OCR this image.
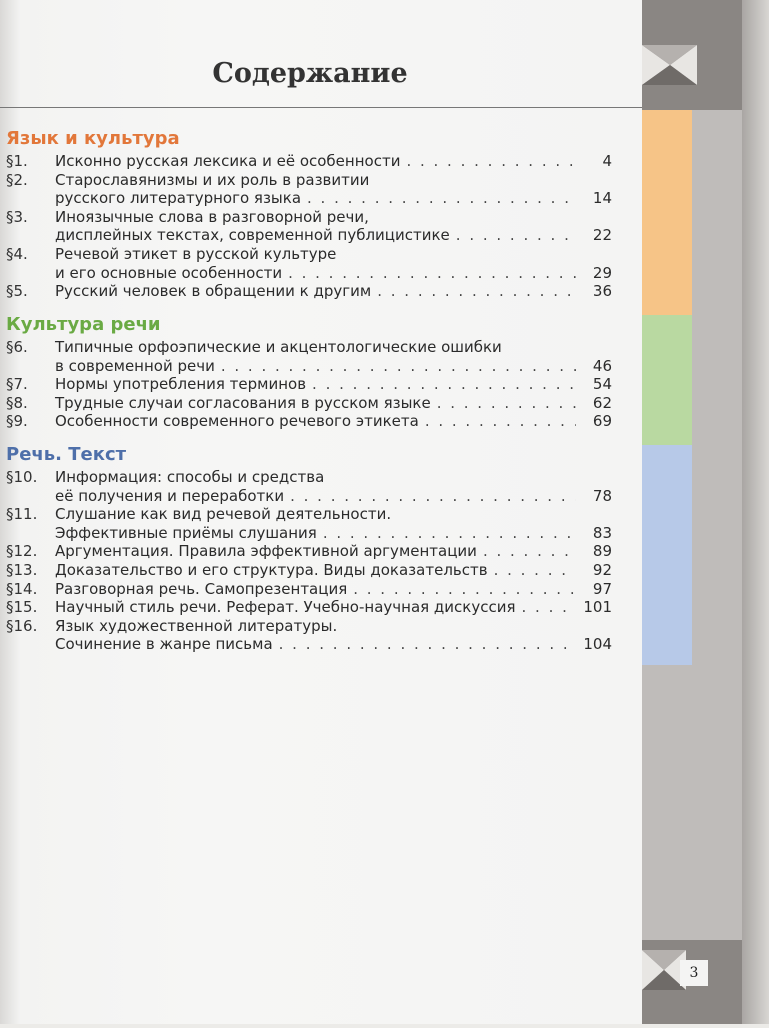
Содержание
Язык и культура
§1. Исконно русская лексика и её особенности . . .	4
§2. Старославянизмы и их роль в развитии
русского литературного языка . . .	14
§3. Иноязычные слова в разговорной речи,
дисплейных текстах, современной публицистике . . .	22
§4. Речевой этикет в русской культуре
и его основные особенности . . .	29
§5. Русский человек в обращении к другим . . .	36
Культура речи
§6. Типичные орфоэпические и акцентологические ошибки
в современной речи . . .	46
§7. Нормы употребления терминов . . .	54
§8. Трудные случаи согласования в русском языке . . .	62
§9. Особенности современного речевого этикета . . .	69
Речь. Текст
§10. Информация: способы и средства
её получения и переработки . . .	78
§11. Слушание как вид речевой деятельности.
Эффективные приёмы слушания . . .	83
§12. Аргументация. Правила эффективной аргументации . . .	89
§13. Доказательство и его структура. Виды доказательств . . .	92
§14. Разговорная речь. Самопрезентация . . .	97
§15. Научный стиль речи. Реферат. Учебно-научная дискуссия . . .	101
§16. Язык художественной литературы.
Сочинение в жанре письма . . .	104
3
